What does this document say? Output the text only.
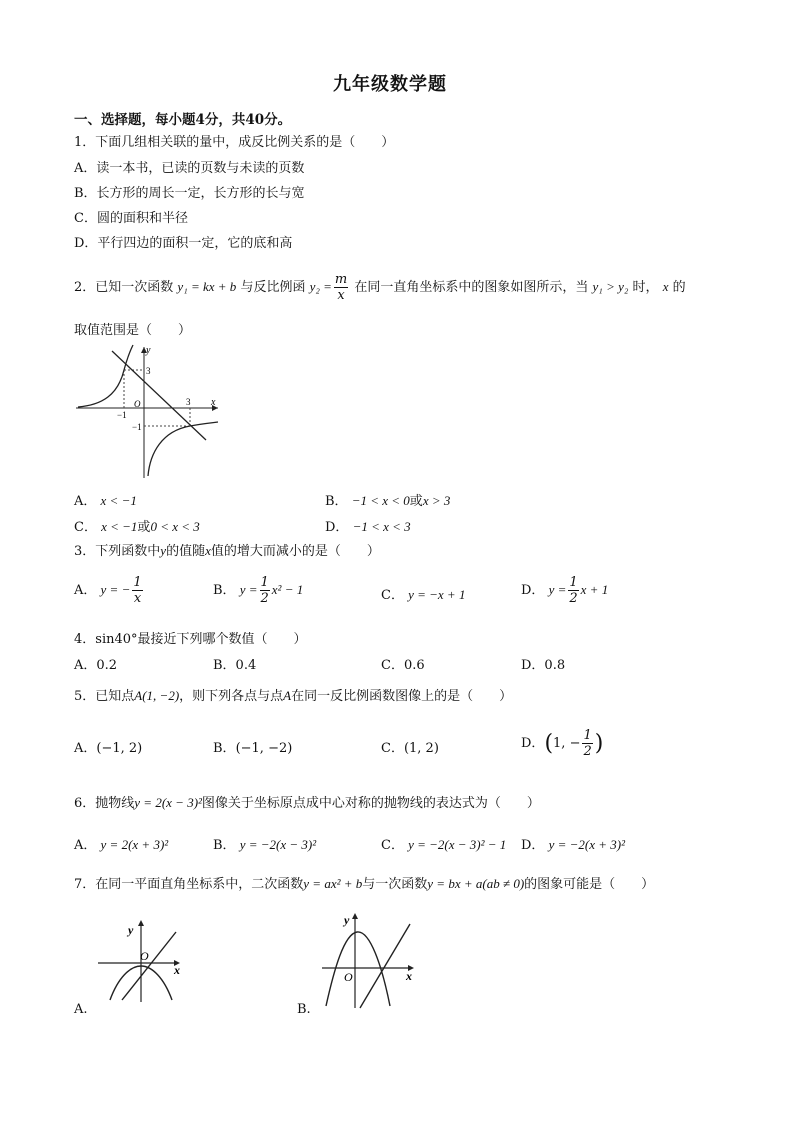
九年级数学题
一、选择题，每小题4分，共40分。
1．下面几组相关联的量中，成反比例关系的是（　　）
A．读一本书，已读的页数与未读的页数
B．长方形的周长一定，长方形的长与宽
C．圆的面积和半径
D．平行四边的面积一定，它的底和高
2．已知一次函数 y₁ = kx + b 与反比例函 $y_2 = \frac{m}{x}$ 在同一直角坐标系中的图象如图所示，当 y₁ > y₂ 时， x 的
取值范围是（　　）
y
x
3
O
−1
3
−1
A． x < −1	B． −1 < x < 0或x > 3
C． x < −1或0 < x < 3	D． −1 < x < 3
3．下列函数中y的值随x值的增大而减小的是（　　）
A． y = − $\frac{1}{x}$	B． $y = \frac{1}{2} x^2 - 1$	C． y = −x + 1	D． $y = \frac{1}{2}$ x + 1
4．sin40°最接近下列哪个数值（　　）
A．0.2	B．0.4	C．0.6	D．0.8
5．已知点A(1, −2)，则下列各点与点A在同一反比例函数图像上的是（　　）
A．(−1, 2)	B．(−1, −2)	C．(1, 2)	D．(1, − $\frac{1}{2}$ )
6．抛物线y = 2(x − 3)²图像关于坐标原点成中心对称的抛物线的表达式为（　　）
A． y = 2(x + 3)²	B． y = −2(x − 3)²	C． y = −2(x − 3)² − 1 D． y = −2(x + 3)²
7．在同一平面直角坐标系中，二次函数y = ax² + b与一次函数y = bx + a(ab ≠ 0)的图象可能是（　　）
y
x
O
A.
y
x
O
B.
